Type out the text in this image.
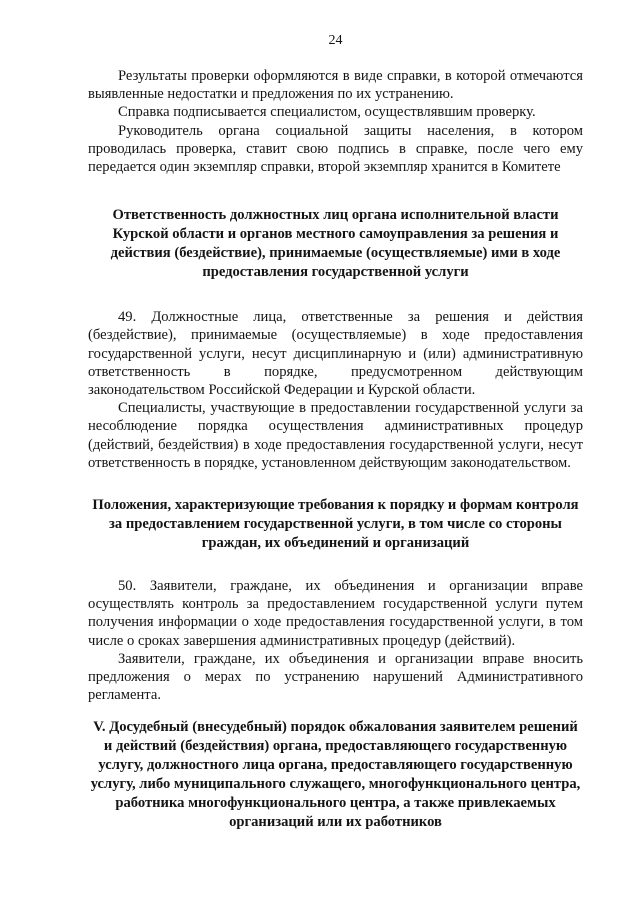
24

Результаты проверки оформляются в виде справки, в которой отмечаются выявленные недостатки и предложения по их устранению.

Справка подписывается специалистом, осуществлявшим проверку.

Руководитель органа социальной защиты населения, в котором проводилась проверка, ставит свою подпись в справке, после чего ему передается один экземпляр справки, второй экземпляр хранится в Комитете

Ответственность должностных лиц органа исполнительной власти Курской области и органов местного самоуправления за решения и действия (бездействие), принимаемые (осуществляемые) ими в ходе предоставления государственной услуги

49. Должностные лица, ответственные за решения и действия (бездействие), принимаемые (осуществляемые) в ходе предоставления государственной услуги, несут дисциплинарную и (или) административную ответственность в порядке, предусмотренном действующим законодательством Российской Федерации и Курской области.

Специалисты, участвующие в предоставлении государственной услуги за несоблюдение порядка осуществления административных процедур (действий, бездействия) в ходе предоставления государственной услуги, несут ответственность в порядке, установленном действующим законодательством.

Положения, характеризующие требования к порядку и формам контроля за предоставлением государственной услуги, в том числе со стороны граждан, их объединений и организаций

50. Заявители, граждане, их объединения и организации вправе осуществлять контроль за предоставлением государственной услуги путем получения информации о ходе предоставления государственной услуги, в том числе о сроках завершения административных процедур (действий).

Заявители, граждане, их объединения и организации вправе вносить предложения о мерах по устранению нарушений Административного регламента.

V. Досудебный (внесудебный) порядок обжалования заявителем решений и действий (бездействия) органа, предоставляющего государственную услугу, должностного лица органа, предоставляющего государственную услугу, либо муниципального служащего, многофункционального центра, работника многофункционального центра, а также привлекаемых организаций или их работников
